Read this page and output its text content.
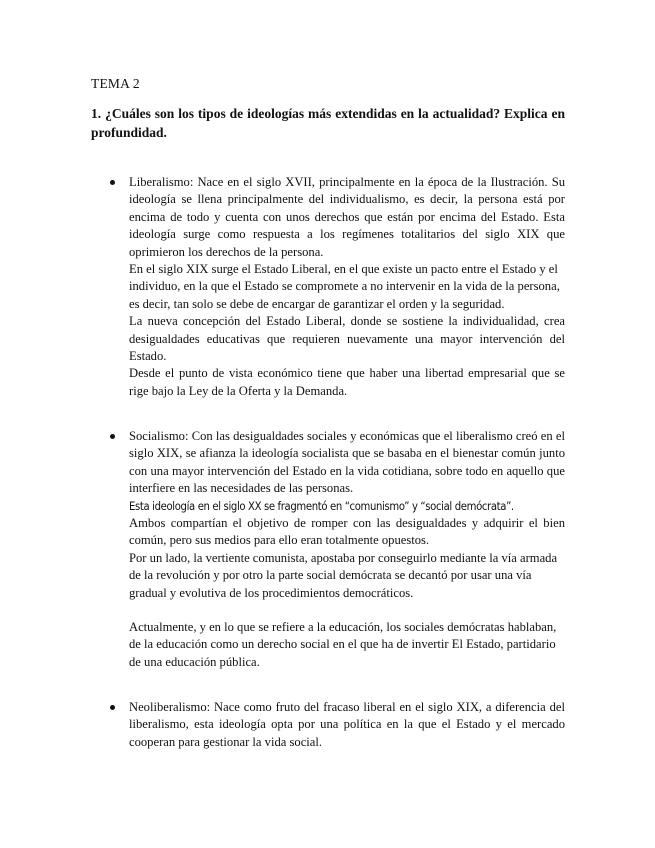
TEMA 2
1. ¿Cuáles son los tipos de ideologías más extendidas en la actualidad? Explica en profundidad.

Liberalismo: Nace en el siglo XVII, principalmente en la época de la Ilustración. Su ideología se llena principalmente del individualismo, es decir, la persona está por encima de todo y cuenta con unos derechos que están por encima del Estado. Esta ideología surge como respuesta a los regímenes totalitarios del siglo XIX que oprimieron los derechos de la persona.

En el siglo XIX surge el Estado Liberal, en el que existe un pacto entre el Estado y el individuo, en la que el Estado se compromete a no intervenir en la vida de la persona, es decir, tan solo se debe de encargar de garantizar el orden y la seguridad.

La nueva concepción del Estado Liberal, donde se sostiene la individualidad, crea desigualdades educativas que requieren nuevamente una mayor intervención del Estado.

Desde el punto de vista económico tiene que haber una libertad empresarial que se rige bajo la Ley de la Oferta y la Demanda.

Socialismo: Con las desigualdades sociales y económicas que el liberalismo creó en el siglo XIX, se afianza la ideología socialista que se basaba en el bienestar común junto con una mayor intervención del Estado en la vida cotidiana, sobre todo en aquello que interfiere en las necesidades de las personas.

Esta ideología en el siglo XX se fragmentó en “comunismo” y “social demócrata”.

Ambos compartían el objetivo de romper con las desigualdades y adquirir el bien común, pero sus medios para ello eran totalmente opuestos.

Por un lado, la vertiente comunista, apostaba por conseguirlo mediante la vía armada de la revolución y por otro la parte social demócrata se decantó por usar una vía gradual y evolutiva de los procedimientos democráticos.

Actualmente, y en lo que se refiere a la educación, los sociales demócratas hablaban, de la educación como un derecho social en el que ha de invertir El Estado, partidario de una educación pública.

Neoliberalismo: Nace como fruto del fracaso liberal en el siglo XIX, a diferencia del liberalismo, esta ideología opta por una política en la que el Estado y el mercado cooperan para gestionar la vida social.
